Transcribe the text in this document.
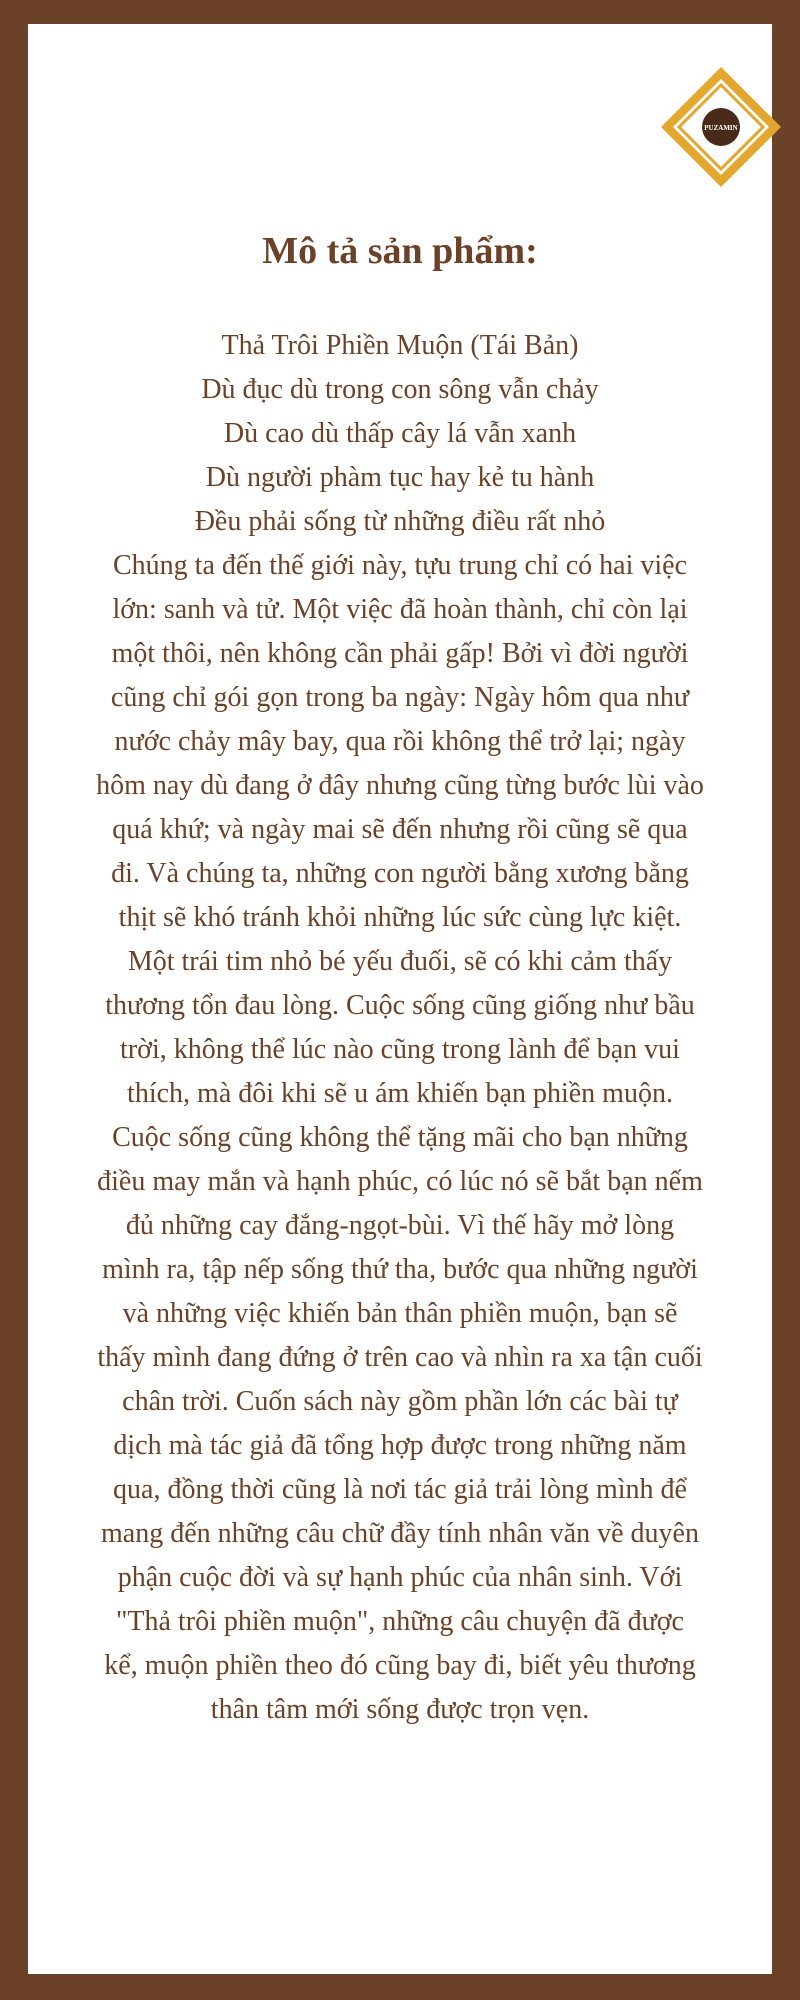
PUZAMIN
Mô tả sản phẩm:

Thả Trôi Phiền Muộn (Tái Bản)
Dù đục dù trong con sông vẫn chảy
Dù cao dù thấp cây lá vẫn xanh
Dù người phàm tục hay kẻ tu hành
Đều phải sống từ những điều rất nhỏ
Chúng ta đến thế giới này, tựu trung chỉ có hai việc lớn: sanh và tử. Một việc đã hoàn thành, chỉ còn lại một thôi, nên không cần phải gấp! Bởi vì đời người cũng chỉ gói gọn trong ba ngày: Ngày hôm qua như nước chảy mây bay, qua rồi không thể trở lại; ngày hôm nay dù đang ở đây nhưng cũng từng bước lùi vào quá khứ; và ngày mai sẽ đến nhưng rồi cũng sẽ qua đi. Và chúng ta, những con người bằng xương bằng thịt sẽ khó tránh khỏi những lúc sức cùng lực kiệt. Một trái tim nhỏ bé yếu đuối, sẽ có khi cảm thấy thương tổn đau lòng. Cuộc sống cũng giống như bầu trời, không thể lúc nào cũng trong lành để bạn vui thích, mà đôi khi sẽ u ám khiến bạn phiền muộn. Cuộc sống cũng không thể tặng mãi cho bạn những điều may mắn và hạnh phúc, có lúc nó sẽ bắt bạn nếm đủ những cay đắng-ngọt-bùi. Vì thế hãy mở lòng mình ra, tập nếp sống thứ tha, bước qua những người và những việc khiến bản thân phiền muộn, bạn sẽ thấy mình đang đứng ở trên cao và nhìn ra xa tận cuối chân trời. Cuốn sách này gồm phần lớn các bài tự dịch mà tác giả đã tổng hợp được trong những năm qua, đồng thời cũng là nơi tác giả trải lòng mình để mang đến những câu chữ đầy tính nhân văn về duyên phận cuộc đời và sự hạnh phúc của nhân sinh. Với "Thả trôi phiền muộn", những câu chuyện đã được kể, muộn phiền theo đó cũng bay đi, biết yêu thương thân tâm mới sống được trọn vẹn.
